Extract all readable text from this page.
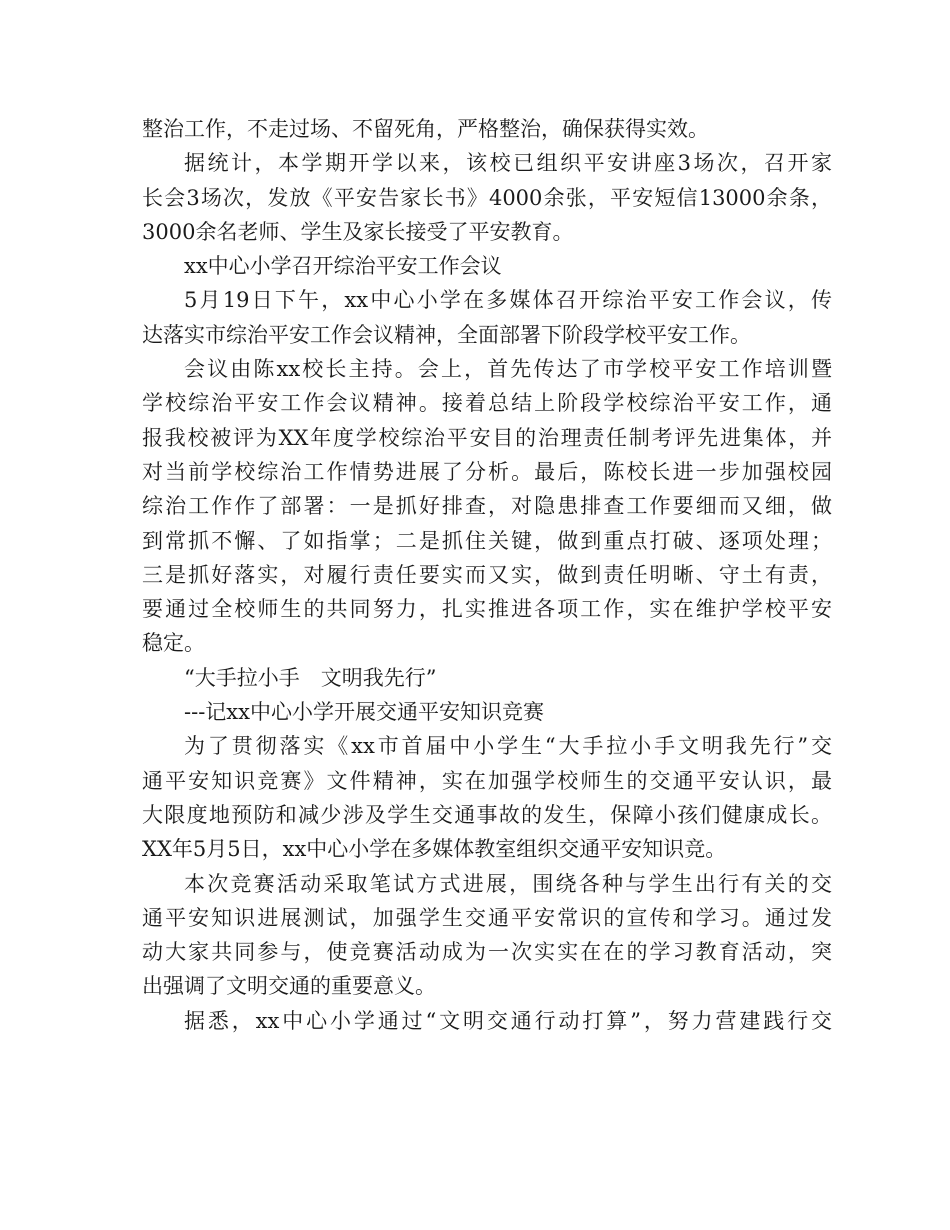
整治工作，不走过场、不留死角，严格整治，确保获得实效。
据统计，本学期开学以来，该校已组织平安讲座3场次，召开家
长会3场次，发放《平安告家长书》4000余张，平安短信13000余条，
3000余名老师、学生及家长接受了平安教育。
xx中心小学召开综治平安工作会议
5月19日下午，xx中心小学在多媒体召开综治平安工作会议，传
达落实市综治平安工作会议精神，全面部署下阶段学校平安工作。
会议由陈xx校长主持。会上，首先传达了市学校平安工作培训暨
学校综治平安工作会议精神。接着总结上阶段学校综治平安工作，通
报我校被评为XX年度学校综治平安目的治理责任制考评先进集体，并
对当前学校综治工作情势进展了分析。最后，陈校长进一步加强校园
综治工作作了部署：一是抓好排查，对隐患排查工作要细而又细，做
到常抓不懈、了如指掌；二是抓住关键，做到重点打破、逐项处理；
三是抓好落实，对履行责任要实而又实，做到责任明晰、守土有责，
要通过全校师生的共同努力，扎实推进各项工作，实在维护学校平安
稳定。
“大手拉小手　文明我先行”
---记xx中心小学开展交通平安知识竞赛
为了贯彻落实《xx市首届中小学生“大手拉小手文明我先行”交
通平安知识竞赛》文件精神，实在加强学校师生的交通平安认识，最
大限度地预防和减少涉及学生交通事故的发生，保障小孩们健康成长。
XX年5月5日，xx中心小学在多媒体教室组织交通平安知识竞。
本次竞赛活动采取笔试方式进展，围绕各种与学生出行有关的交
通平安知识进展测试，加强学生交通平安常识的宣传和学习。通过发
动大家共同参与，使竞赛活动成为一次实实在在的学习教育活动，突
出强调了文明交通的重要意义。
据悉，xx中心小学通过“文明交通行动打算”，努力营建践行交
